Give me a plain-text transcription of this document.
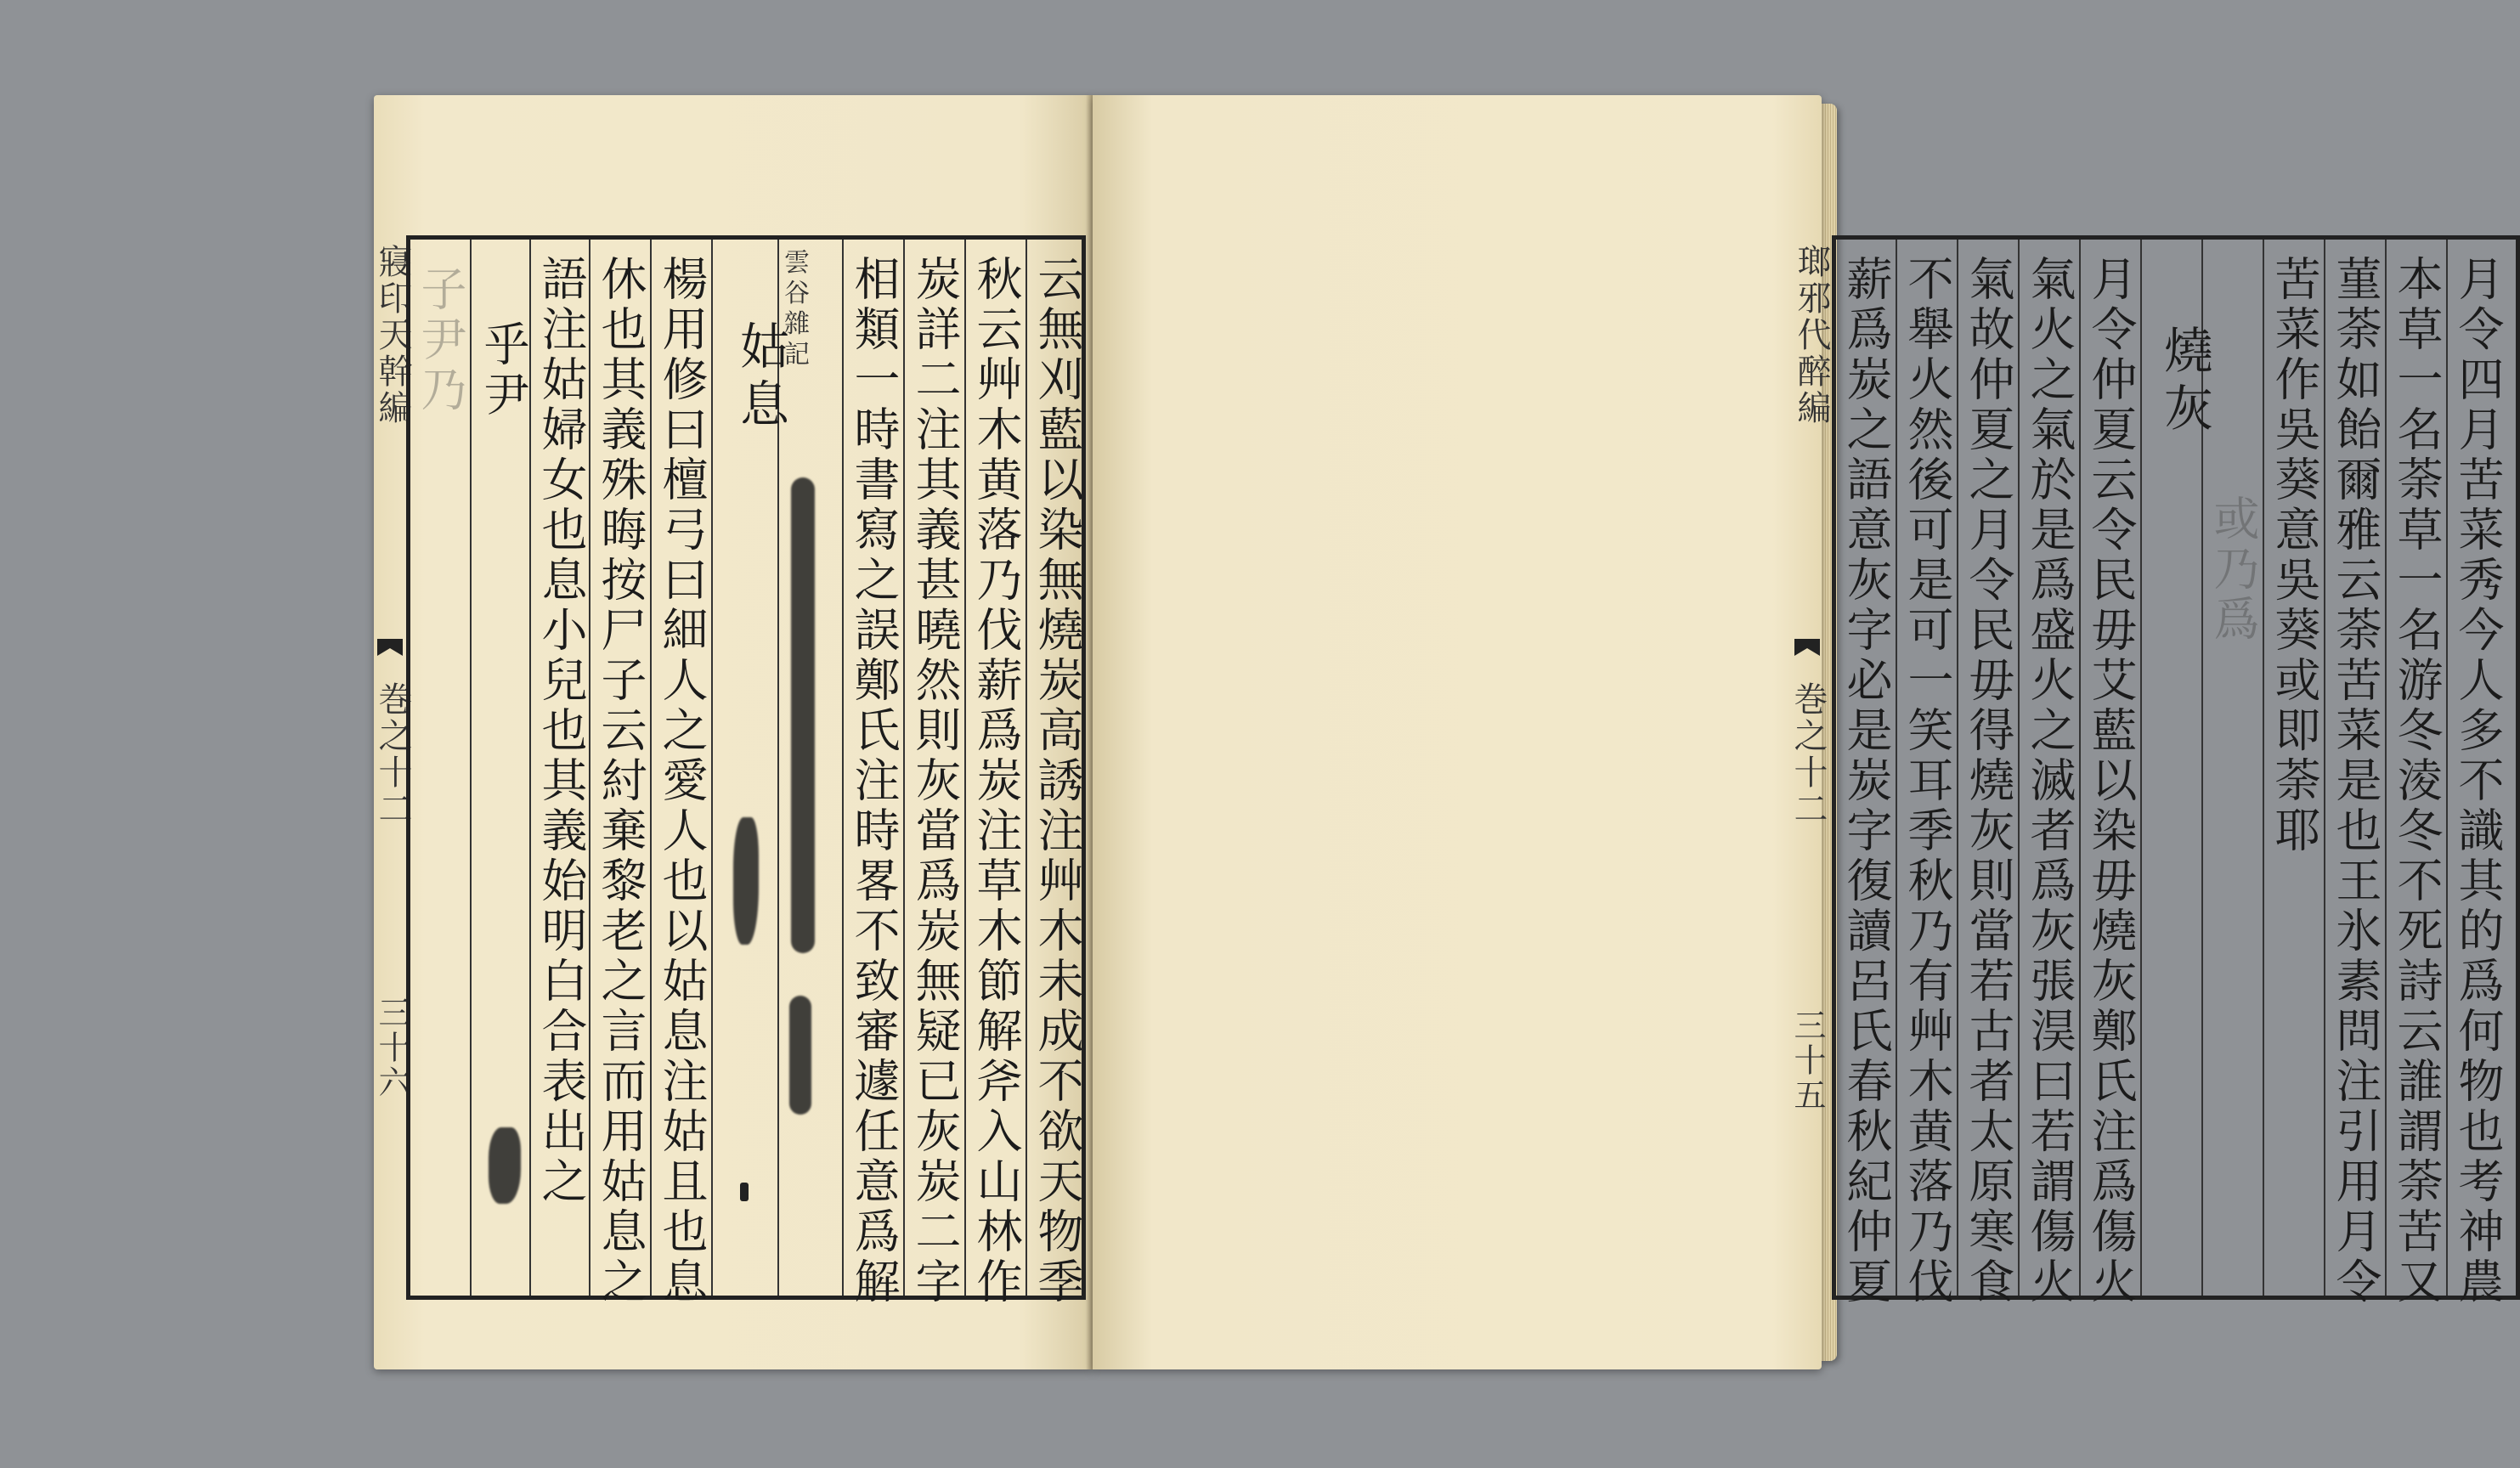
寢印天幹編
巻之十二
三十六
子尹乃 乎尹 語注姑婦女也息小兒也其義始明白合表出之 休也其義殊晦按尸子云紂棄黎老之言而用姑息之 楊用修曰檀弓曰細人之愛人也以姑息注姑且也息 姑息
雲谷雜記 相類一時書寫之誤鄭氏注時畧不致審遽任意爲解 炭詳二注其義甚曉然則灰當爲炭無疑已灰炭二字 秋云艸木黄落乃伐薪爲炭注草木節解斧入山林作 云無刈藍以染無燒炭高誘注艸木未成不欲天物季	薪爲炭之語意灰字必是炭字復讀呂氏春秋紀仲夏 不舉火然後可是可一笑耳季秋乃有艸木黄落乃伐 氣故仲夏之月令民毋得燒灰則當若古者太原寒食 氣火之氣於是爲盛火之滅者爲灰張淏曰若謂傷火 月令仲夏云令民毋艾藍以染毋燒灰鄭氏注爲傷火 燒灰
或乃爲 苦菜作吳葵意吳葵或即荼耶 菫荼如飴爾雅云荼苦菜是也王氷素問注引用月令 本草一名荼草一名游冬淩冬不死詩云誰謂荼苦又 月令四月苦菜秀今人多不識其的爲何物也考神農
瑯邪代醉編
巻之十二
三十五
